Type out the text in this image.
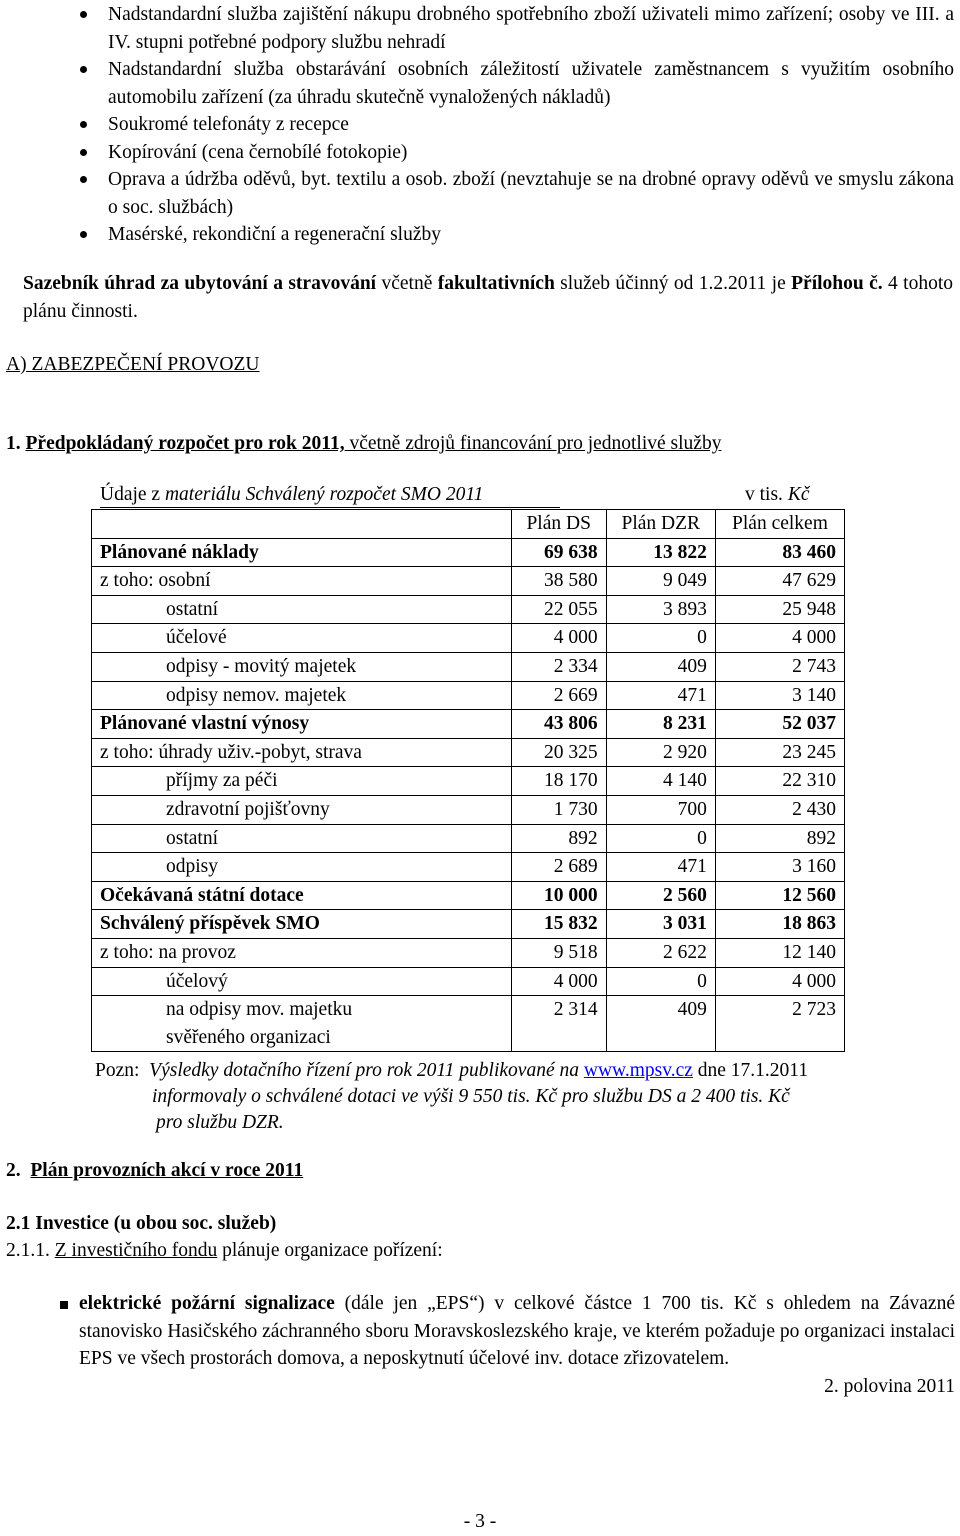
Nadstandardní služba zajištění nákupu drobného spotřebního zboží uživateli mimo zařízení; osoby ve III. a IV. stupni potřebné podpory službu nehradí
Nadstandardní služba obstarávání osobních záležitostí uživatele zaměstnancem s využitím osobního automobilu zařízení (za úhradu skutečně vynaložených nákladů)
Soukromé telefonáty z recepce
Kopírování (cena černobílé fotokopie)
Oprava a údržba oděvů, byt. textilu a osob. zboží (nevztahuje se na drobné opravy oděvů ve smyslu zákona o soc. službách)
Masérské, rekondiční a regenerační služby
Sazebník úhrad za ubytování a stravování včetně fakultativních služeb účinný od 1.2.2011 je Přílohou č. 4 tohoto plánu činnosti.
A) ZABEZPEČENÍ PROVOZU
1. Předpokládaný rozpočet pro rok 2011, včetně zdrojů financování pro jednotlivé služby
Údaje z materiálu Schválený rozpočet SMO 2011	v tis. Kč
	Plán DS	Plán DZR	Plán celkem

Plánované náklady	69 638	13 822	83 460

z toho: osobní	38 580	9 049	47 629

ostatní	22 055	3 893	25 948

účelové	4 000	0	4 000

odpisy - movitý majetek	2 334	409	2 743

odpisy nemov. majetek	2 669	471	3 140

Plánované vlastní výnosy	43 806	8 231	52 037

z toho: úhrady uživ.-pobyt, strava	20 325	2 920	23 245

příjmy za péči	18 170	4 140	22 310

zdravotní pojišťovny	1 730	700	2 430

ostatní	892	0	892

odpisy	2 689	471	3 160

Očekávaná státní dotace	10 000	2 560	12 560

Schválený příspěvek SMO	15 832	3 031	18 863

z toho: na provoz	9 518	2 622	12 140

účelový	4 000	0	4 000

na odpisy mov. majetku
svěřeného organizaci	2 314	409	2 723
Pozn: Výsledky dotačního řízení pro rok 2011 publikované na www.mpsv.cz dne 17.1.2011
informovaly o schválené dotaci ve výši 9 550 tis. Kč pro službu DS a 2 400 tis. Kč
pro službu DZR.
2. Plán provozních akcí v roce 2011
2.1 Investice (u obou soc. služeb)
2.1.1. Z investičního fondu plánuje organizace pořízení:
elektrické požární signalizace (dále jen „EPS“) v celkové částce 1 700 tis. Kč s ohledem na Závazné stanovisko Hasičského záchranného sboru Moravskoslezského kraje, ve kterém požaduje po organizaci instalaci EPS ve všech prostorách domova, a neposkytnutí účelové inv. dotace zřizovatelem.
2. polovina 2011
- 3 -
